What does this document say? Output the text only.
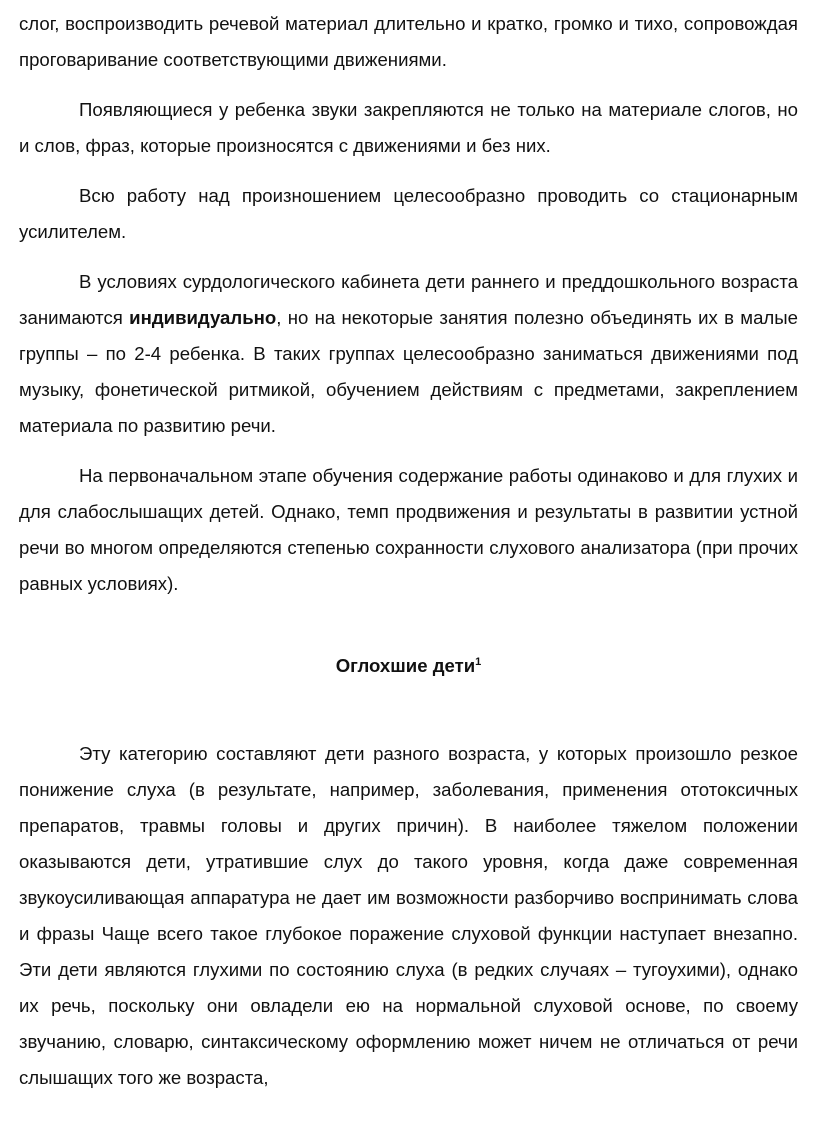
слог, воспроизводить речевой материал длительно и кратко, громко и тихо, сопровождая проговаривание соответствующими движениями.

Появляющиеся у ребенка звуки закрепляются не только на материале слогов, но и слов, фраз, которые произносятся с движениями и без них.

Всю работу над произношением целесообразно проводить со стационарным усилителем.

В условиях сурдологического кабинета дети раннего и преддошкольного возраста занимаются индивидуально, но на некоторые занятия полезно объединять их в малые группы – по 2-4 ребенка. В таких группах целесообразно заниматься движениями под музыку, фонетической ритмикой, обучением действиям с предметами, закреплением материала по развитию речи.

На первоначальном этапе обучения содержание работы одинаково и для глухих и для слабослышащих детей. Однако, темп продвижения и результаты в развитии устной речи во многом определяются степенью сохранности слухового анализатора (при прочих равных условиях).

Оглохшие дети$^1$

Эту категорию составляют дети разного возраста, у которых произошло резкое понижение слуха (в результате, например, заболевания, применения ототоксичных препаратов, травмы головы и других причин). В наиболее тяжелом положении оказываются дети, утратившие слух до такого уровня, когда даже современная звукоусиливающая аппаратура не дает им возможности разборчиво воспринимать слова и фразы Чаще всего такое глубокое поражение слуховой функции наступает внезапно. Эти дети являются глухими по состоянию слуха (в редких случаях – тугоухими), однако их речь, поскольку они овладели ею на нормальной слуховой основе, по своему звучанию, словарю, синтаксическому оформлению может ничем не отличаться от речи слышащих того же возраста,
